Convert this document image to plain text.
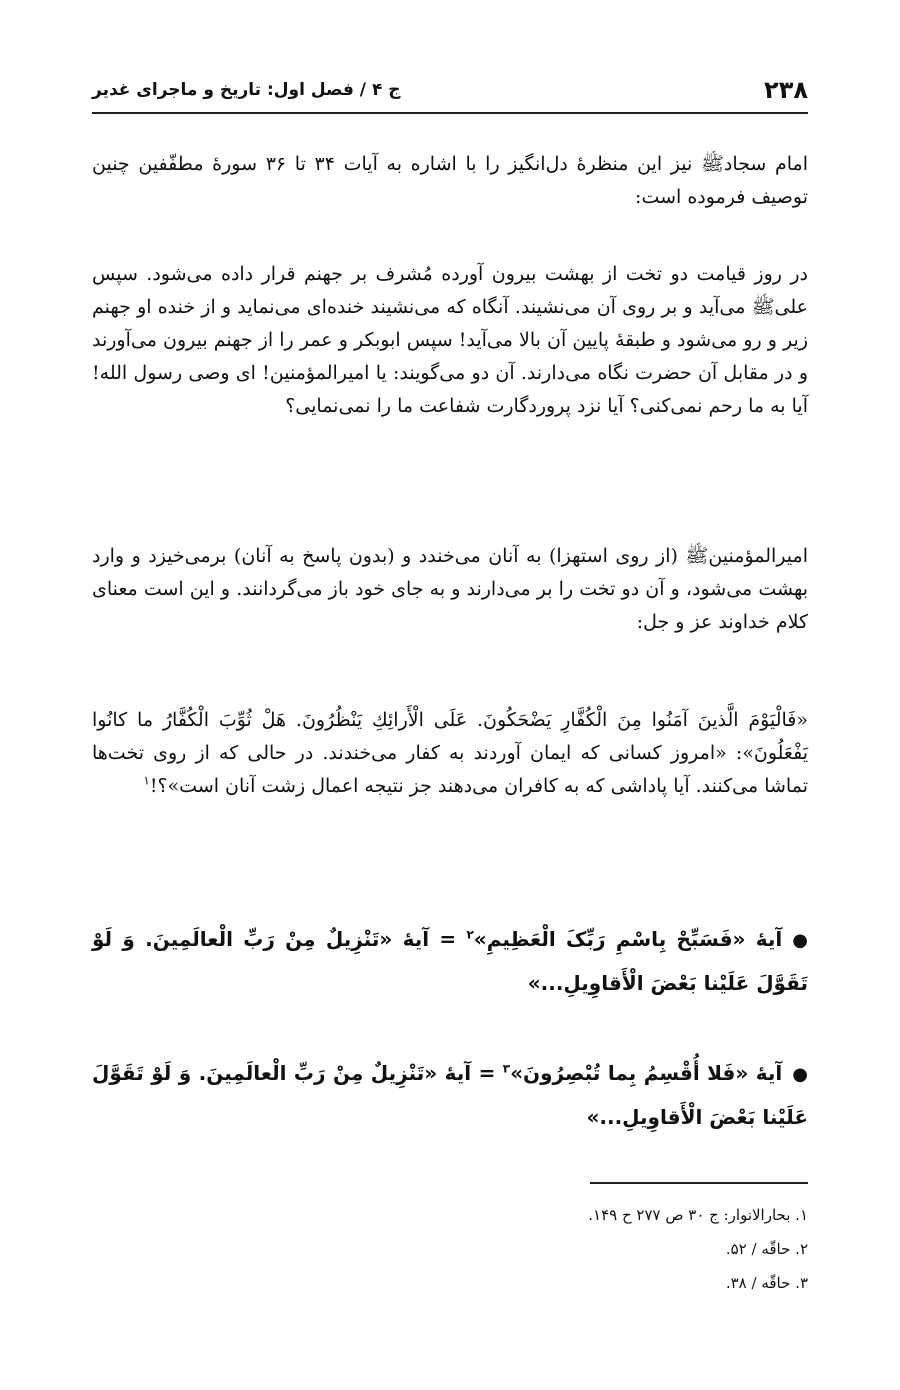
۲۳۸
ج ۴ / فصل اول: تاریخ و ماجرای غدیر

امام سجادﷺ نیز این منظرهٔ دل‌انگیز را با اشاره به آیات ۳۴ تا ۳۶ سورهٔ مطفّفین چنین توصیف فرموده است:

در روز قیامت دو تخت از بهشت بیرون آورده مُشرف بر جهنم قرار داده می‌شود. سپس علیﷺ می‌آید و بر روی آن می‌نشیند. آنگاه که می‌نشیند خنده‌ای می‌نماید و از خنده او جهنم زیر و رو می‌شود و طبقهٔ پایین آن بالا می‌آید! سپس ابوبکر و عمر را از جهنم بیرون می‌آورند و در مقابل آن حضرت نگاه می‌دارند. آن دو می‌گویند: یا امیرالمؤمنین! ای وصی رسول الله! آیا به ما رحم نمی‌کنی؟ آیا نزد پروردگارت شفاعت ما را نمی‌نمایی؟

امیرالمؤمنینﷺ (از روی استهزا) به آنان می‌خندد و (بدون پاسخ به آنان) برمی‌خیزد و وارد بهشت می‌شود، و آن دو تخت را بر می‌دارند و به جای خود باز می‌گردانند. و این است معنای کلام خداوند عز و جل:

«فَالْيَوْمَ الَّذينَ آمَنُوا مِنَ الْكُفَّارِ يَضْحَكُونَ. عَلَى الْأَرائِكِ يَنْظُرُونَ. هَلْ ثُوِّبَ الْكُفَّارُ ما كانُوا يَفْعَلُونَ»: «امروز کسانی که ایمان آوردند به کفار می‌خندند. در حالی که از روی تخت‌ها تماشا می‌کنند. آیا پاداشی که به کافران می‌دهند جز نتیجه اعمال زشت آنان است»؟!$^۱$

●آیهٔ «فَسَبِّحْ بِاسْمِ رَبِّکَ الْعَظِیمِ»$^۲$ = آیهٔ «تَنْزِيلٌ مِنْ رَبِّ الْعالَمِينَ. وَ لَوْ تَقَوَّلَ عَلَيْنا بَعْضَ الْأَقاوِيلِ...»

●آیهٔ «فَلا أُقْسِمُ بِما تُبْصِرُونَ»$^۳$ = آیهٔ «تَنْزِيلٌ مِنْ رَبِّ الْعالَمِينَ. وَ لَوْ تَقَوَّلَ عَلَيْنا بَعْضَ الْأَقاوِيلِ...»

۱. بحارالانوار: ج ۳۰ ص ۲۷۷ ح ۱۴۹.

۲. حاقّه / ۵۲.

۳. حاقّه / ۳۸.
